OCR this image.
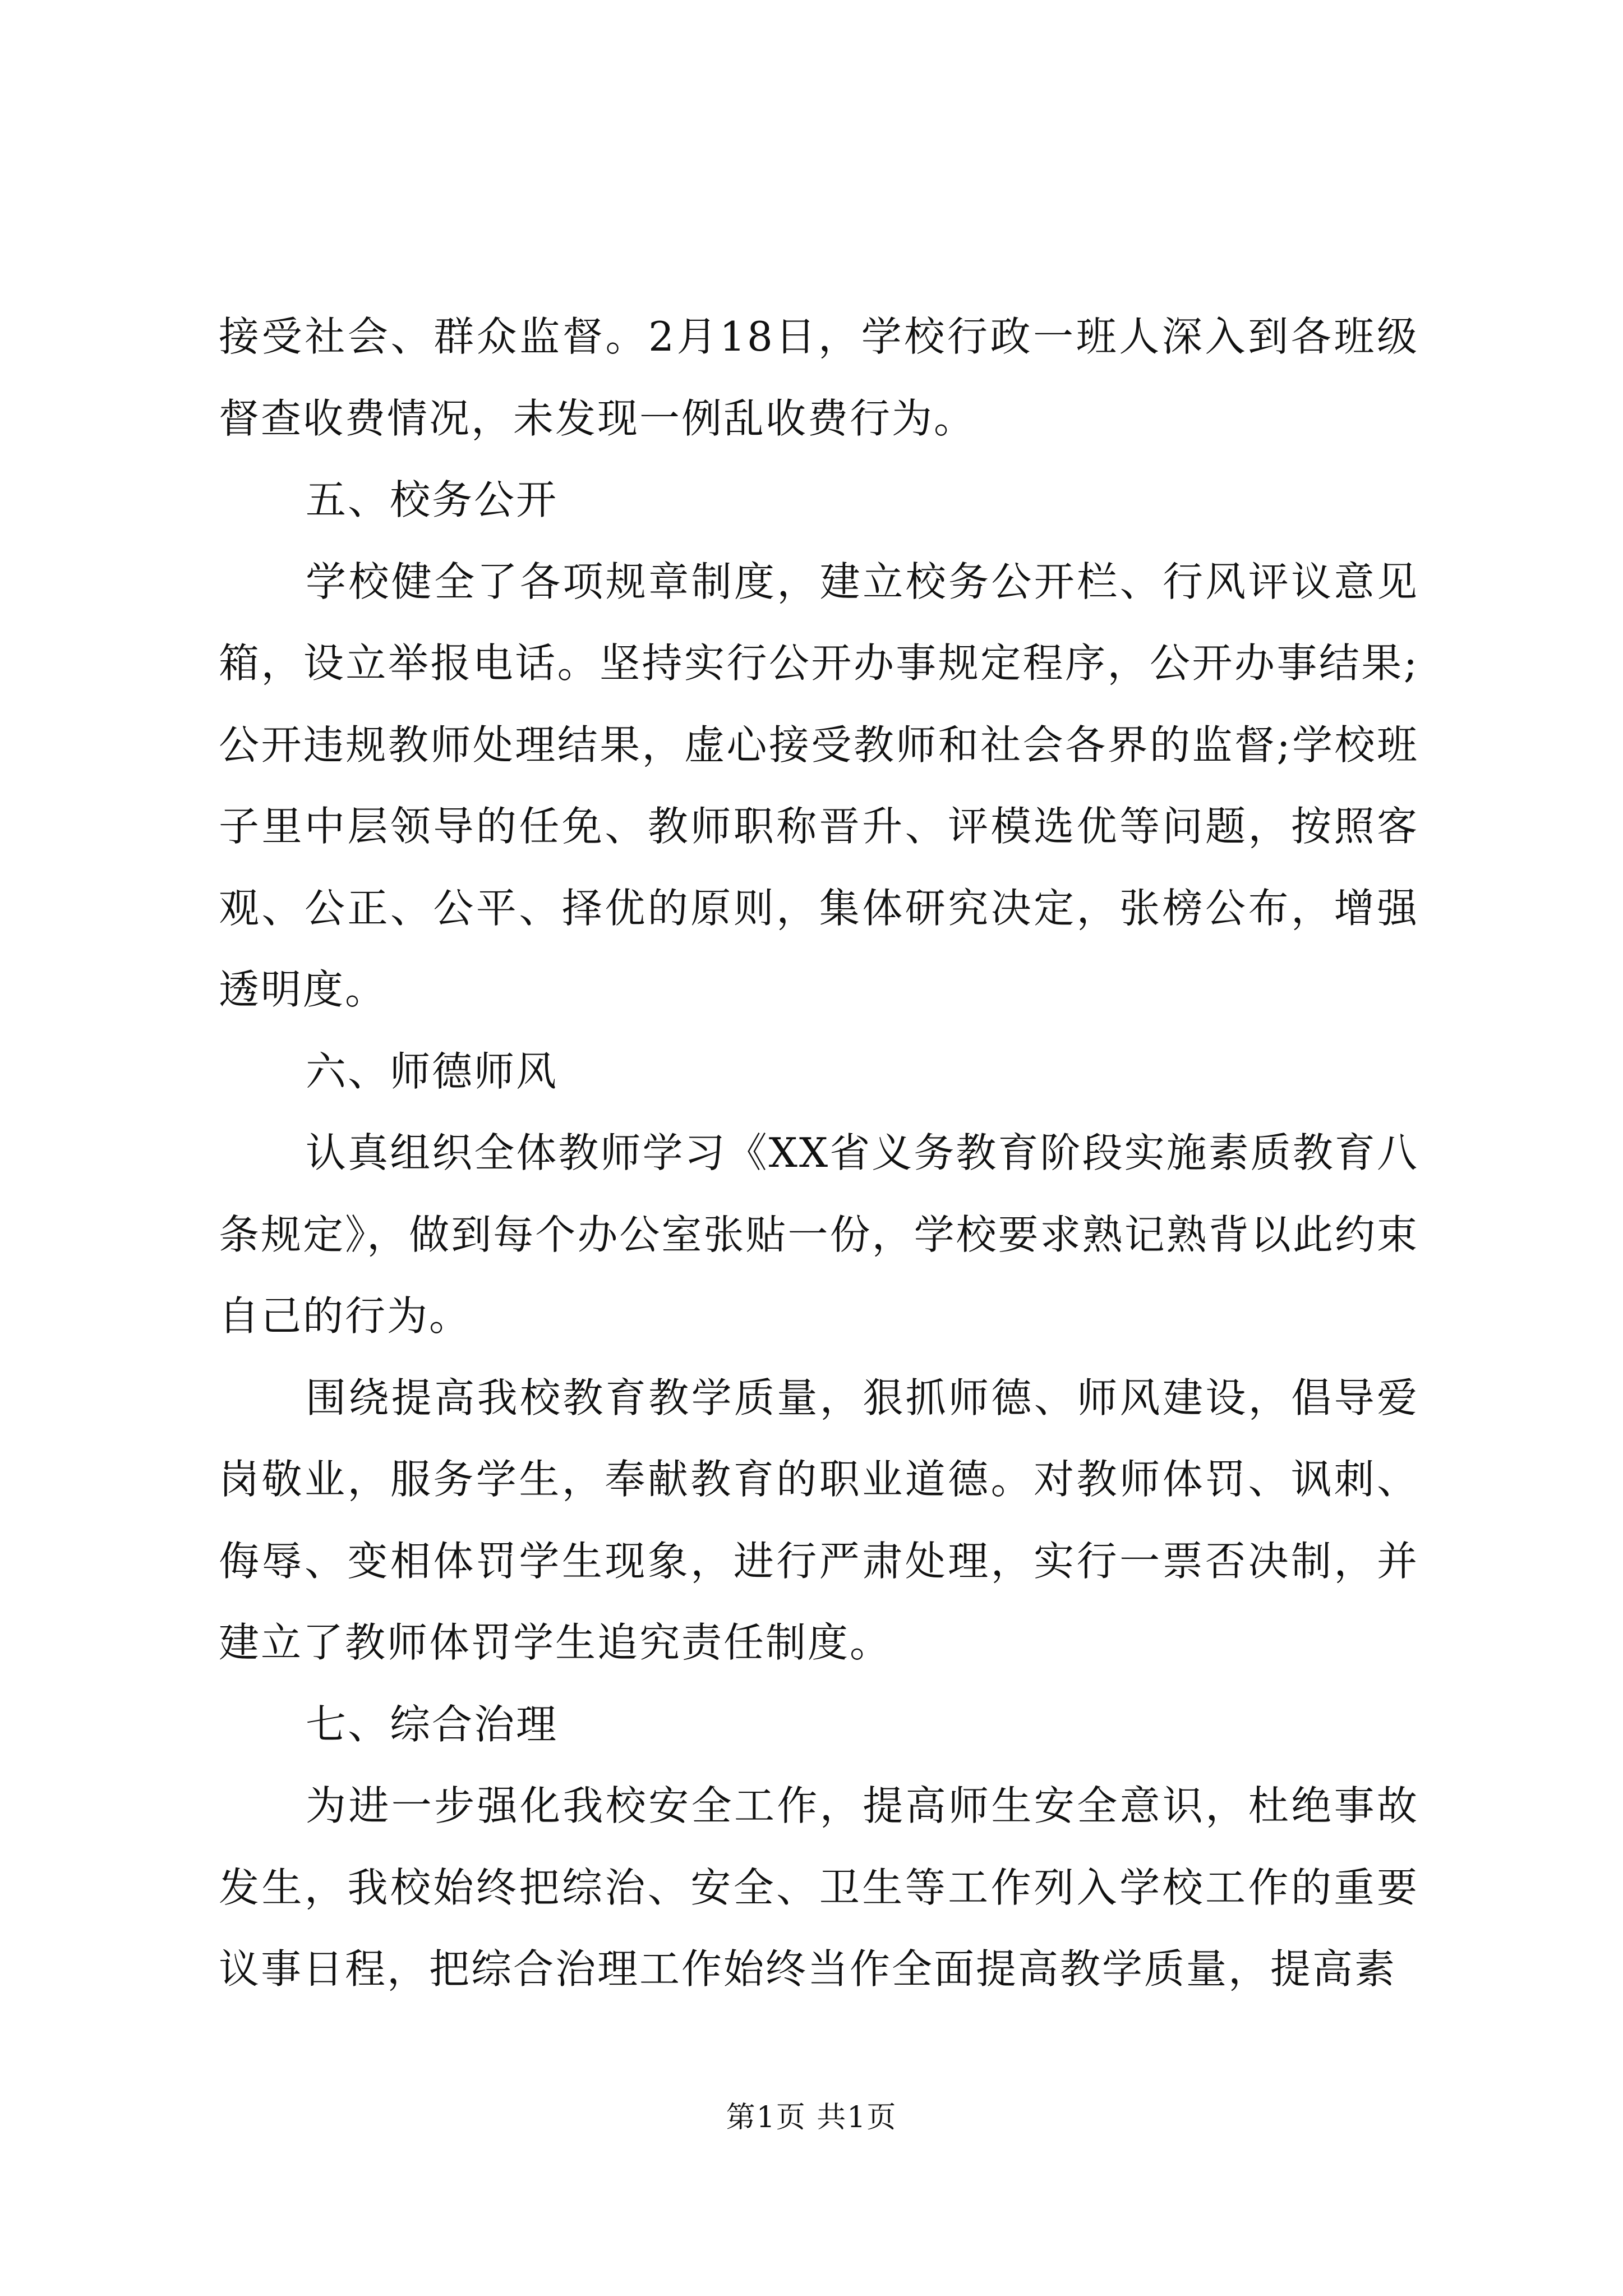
接受社会、群众监督。2月18日，学校行政一班人深入到各班级督查收费情况，未发现一例乱收费行为。

五、校务公开

学校健全了各项规章制度，建立校务公开栏、行风评议意见箱，设立举报电话。坚持实行公开办事规定程序，公开办事结果;公开违规教师处理结果，虚心接受教师和社会各界的监督;学校班子里中层领导的任免、教师职称晋升、评模选优等问题，按照客观、公正、公平、择优的原则，集体研究决定，张榜公布，增强透明度。

六、师德师风

认真组织全体教师学习《XX省义务教育阶段实施素质教育八条规定》，做到每个办公室张贴一份，学校要求熟记熟背以此约束自己的行为。

围绕提高我校教育教学质量，狠抓师德、师风建设，倡导爱岗敬业，服务学生，奉献教育的职业道德。对教师体罚、讽刺、侮辱、变相体罚学生现象，进行严肃处理，实行一票否决制，并建立了教师体罚学生追究责任制度。

七、综合治理

为进一步强化我校安全工作，提高师生安全意识，杜绝事故发生，我校始终把综治、安全、卫生等工作列入学校工作的重要议事日程，把综合治理工作始终当作全面提高教学质量，提高素

第1页 共1页
